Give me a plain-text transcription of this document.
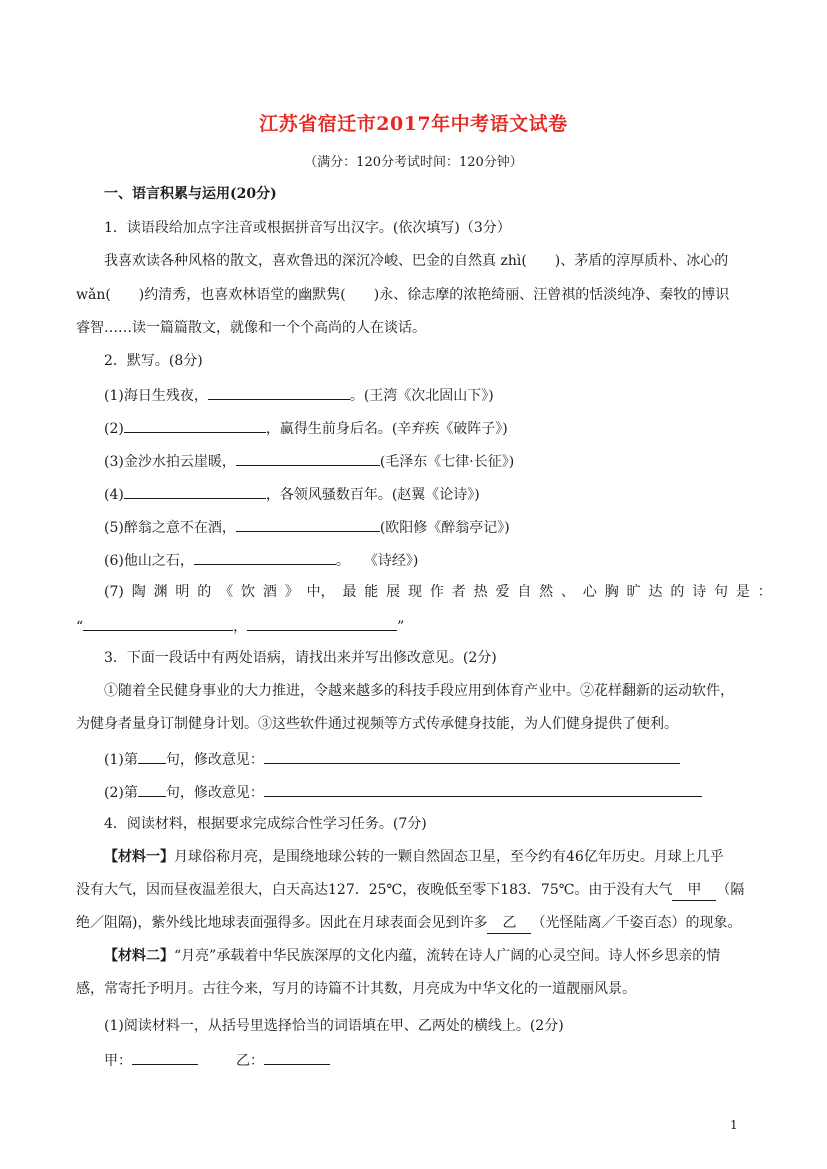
江苏省宿迁市2017年中考语文试卷
（满分：120分考试时间：120分钟）
一、语言积累与运用(20分)
1．读语段给加点字注音或根据拼音写出汉字。(依次填写)（3分）
我喜欢读各种风格的散文，喜欢鲁迅的深沉冷峻、巴金的自然真 zhì(　　)、茅盾的淳厚质朴、冰心的
wǎn(　　)约清秀，也喜欢林语堂的幽默隽(　　)永、徐志摩的浓艳绮丽、汪曾祺的恬淡纯净、秦牧的博识
睿智……读一篇篇散文，就像和一个个高尚的人在谈话。
2．默写。(8分)
(1)海日生残夜，	。(王湾《次北固山下》)
(2)	，赢得生前身后名。(辛弃疾《破阵子》)
(3)金沙水拍云崖暖，	(毛泽东《七律·长征》)
(4)	，各领风骚数百年。(赵翼《论诗》)
(5)醉翁之意不在酒，	(欧阳修《醉翁亭记》)
(6)他山之石，	。　　《诗经》)
(7) 陶 渊 明 的 《 饮 酒 》 中， 最 能 展 现 作 者 热 爱 自 然 、 心 胸 旷 达 的 诗 句 是 ：
“	，	”
3．下面一段话中有两处语病，请找出来并写出修改意见。(2分)
①随着全民健身事业的大力推进，令越来越多的科技手段应用到体育产业中。②花样翻新的运动软件，
为健身者量身订制健身计划。③这些软件通过视频等方式传承健身技能，为人们健身提供了便利。
(1)第 句，修改意见：
(2)第 句，修改意见：
4．阅读材料，根据要求完成综合性学习任务。(7分)
【材料一】月球俗称月亮，是围绕地球公转的一颗自然固态卫星，至今约有46亿年历史。月球上几乎
没有大气，因而昼夜温差很大，白天高达127．25℃，夜晚低至零下183．75℃。由于没有大气 甲 （隔
绝／阻隔)，紫外线比地球表面强得多。因此在月球表面会见到许多 乙 （光怪陆离／千姿百态）的现象。
【材料二】“月亮”承载着中华民族深厚的文化内蕴，流转在诗人广阔的心灵空间。诗人怀乡思亲的情
感，常寄托予明月。古往今来，写月的诗篇不计其数，月亮成为中华文化的一道靓丽风景。
(1)阅读材料一，从括号里选择恰当的词语填在甲、乙两处的横线上。(2分)
甲：	乙：
1
